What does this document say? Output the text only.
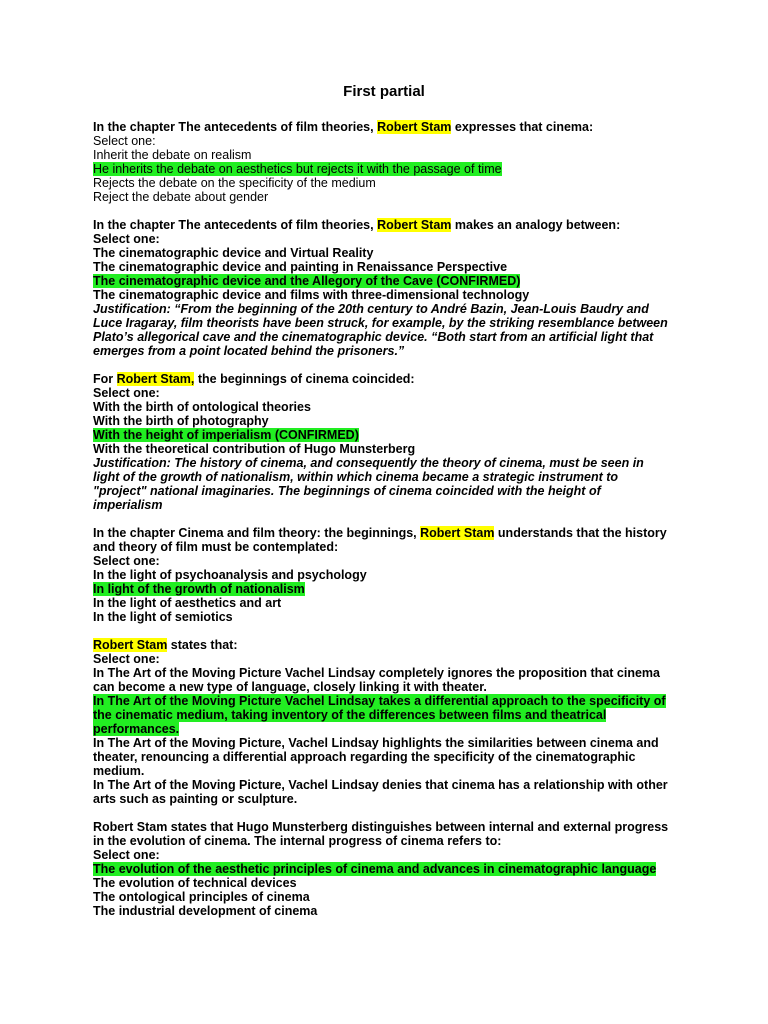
First partial
In the chapter The antecedents of film theories, Robert Stam expresses that cinema:
Select one:
Inherit the debate on realism
He inherits the debate on aesthetics but rejects it with the passage of time
Rejects the debate on the specificity of the medium
Reject the debate about gender
In the chapter The antecedents of film theories, Robert Stam makes an analogy between:
Select one:
The cinematographic device and Virtual Reality
The cinematographic device and painting in Renaissance Perspective
The cinematographic device and the Allegory of the Cave (CONFIRMED)
The cinematographic device and films with three-dimensional technology
Justification: “From the beginning of the 20th century to André Bazin, Jean-Louis Baudry and Luce Iragaray, film theorists have been struck, for example, by the striking resemblance between Plato’s allegorical cave and the cinematographic device. “Both start from an artificial light that emerges from a point located behind the prisoners.”
For Robert Stam, the beginnings of cinema coincided:
Select one:
With the birth of ontological theories
With the birth of photography
With the height of imperialism (CONFIRMED)
With the theoretical contribution of Hugo Munsterberg
Justification: The history of cinema, and consequently the theory of cinema, must be seen in light of the growth of nationalism, within which cinema became a strategic instrument to "project" national imaginaries. The beginnings of cinema coincided with the height of imperialism
In the chapter Cinema and film theory: the beginnings, Robert Stam understands that the history and theory of film must be contemplated:
Select one:
In the light of psychoanalysis and psychology
In light of the growth of nationalism
In the light of aesthetics and art
In the light of semiotics
Robert Stam states that:
Select one:
In The Art of the Moving Picture Vachel Lindsay completely ignores the proposition that cinema can become a new type of language, closely linking it with theater.
In The Art of the Moving Picture Vachel Lindsay takes a differential approach to the specificity of the cinematic medium, taking inventory of the differences between films and theatrical performances.
In The Art of the Moving Picture, Vachel Lindsay highlights the similarities between cinema and theater, renouncing a differential approach regarding the specificity of the cinematographic medium.
In The Art of the Moving Picture, Vachel Lindsay denies that cinema has a relationship with other arts such as painting or sculpture.
Robert Stam states that Hugo Munsterberg distinguishes between internal and external progress in the evolution of cinema. The internal progress of cinema refers to:
Select one:
The evolution of the aesthetic principles of cinema and advances in cinematographic language
The evolution of technical devices
The ontological principles of cinema
The industrial development of cinema
